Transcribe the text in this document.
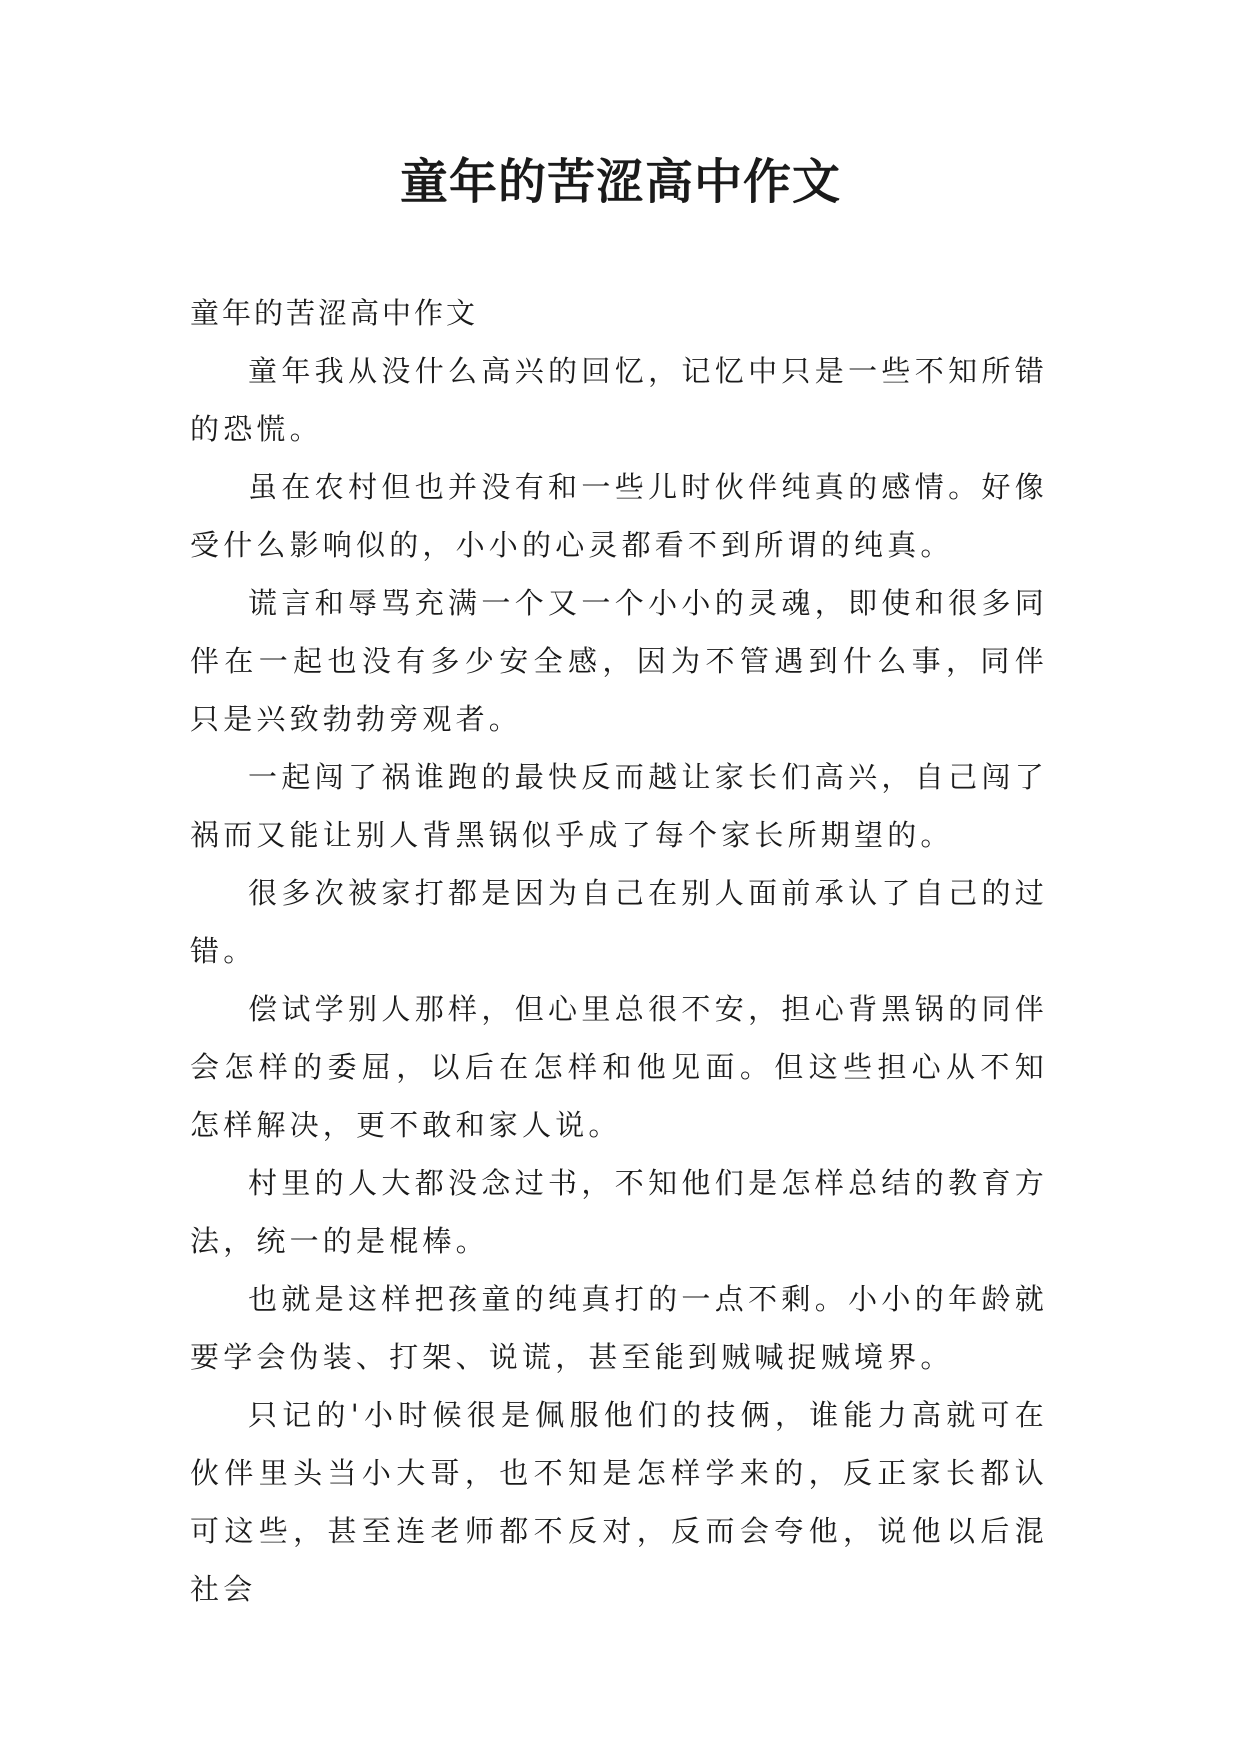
童年的苦涩高中作文

童年的苦涩高中作文

童年我从没什么高兴的回忆，记忆中只是一些不知所错的恐慌。

虽在农村但也并没有和一些儿时伙伴纯真的感情。好像受什么影响似的，小小的心灵都看不到所谓的纯真。

谎言和辱骂充满一个又一个小小的灵魂，即使和很多同伴在一起也没有多少安全感，因为不管遇到什么事，同伴只是兴致勃勃旁观者。

一起闯了祸谁跑的最快反而越让家长们高兴，自己闯了祸而又能让别人背黑锅似乎成了每个家长所期望的。

很多次被家打都是因为自己在别人面前承认了自己的过错。

偿试学别人那样，但心里总很不安，担心背黑锅的同伴会怎样的委屈，以后在怎样和他见面。但这些担心从不知怎样解决，更不敢和家人说。

村里的人大都没念过书，不知他们是怎样总结的教育方法，统一的是棍棒。

也就是这样把孩童的纯真打的一点不剩。小小的年龄就要学会伪装、打架、说谎，甚至能到贼喊捉贼境界。

只记的'小时候很是佩服他们的技俩，谁能力高就可在伙伴里头当小大哥，也不知是怎样学来的，反正家长都认可这些，甚至连老师都不反对，反而会夸他，说他以后混社会
